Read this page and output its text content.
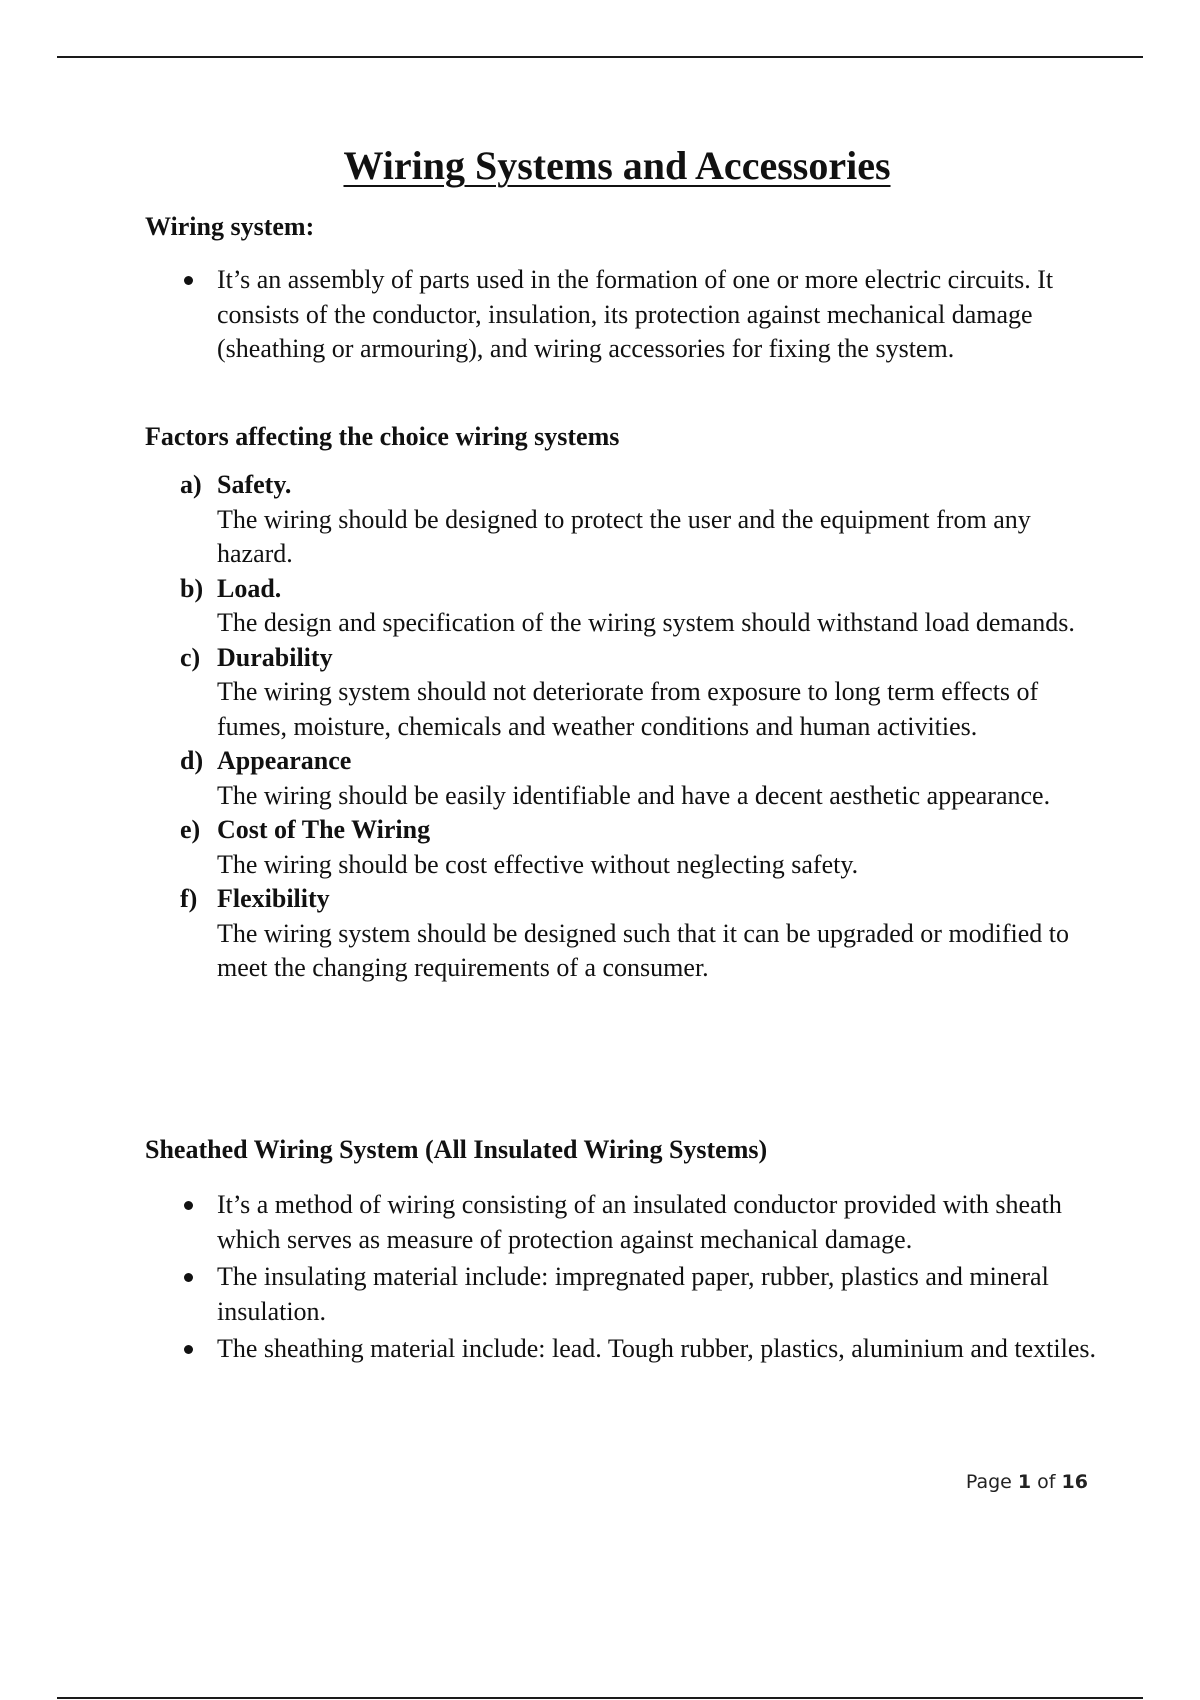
Wiring Systems and Accessories
Wiring system:
It’s an assembly of parts used in the formation of one or more electric circuits. It consists of the conductor, insulation, its protection against mechanical damage (sheathing or armouring), and wiring accessories for fixing the system.
Factors affecting the choice wiring systems
a) Safety.
The wiring should be designed to protect the user and the equipment from any hazard.
b) Load.
The design and specification of the wiring system should withstand load demands.
c) Durability
The wiring system should not deteriorate from exposure to long term effects of fumes, moisture, chemicals and weather conditions and human activities.
d) Appearance
The wiring should be easily identifiable and have a decent aesthetic appearance.
e) Cost of The Wiring
The wiring should be cost effective without neglecting safety.
f) Flexibility
The wiring system should be designed such that it can be upgraded or modified to meet the changing requirements of a consumer.
Sheathed Wiring System (All Insulated Wiring Systems)
It’s a method of wiring consisting of an insulated conductor provided with sheath which serves as measure of protection against mechanical damage.
The insulating material include: impregnated paper, rubber, plastics and mineral insulation.
The sheathing material include: lead. Tough rubber, plastics, aluminium and textiles.
Page 1 of 16
